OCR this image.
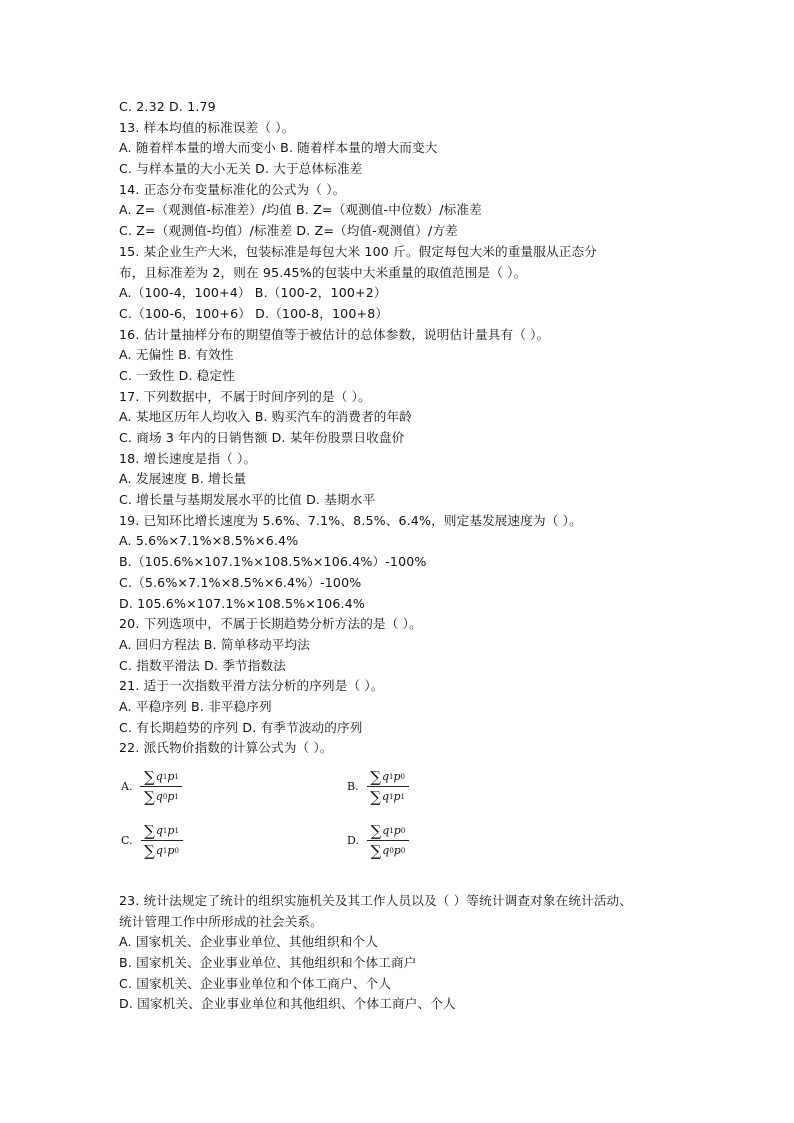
C. 2.32 D. 1.79
13. 样本均值的标准误差（ ）。
A. 随着样本量的增大而变小 B. 随着样本量的增大而变大
C. 与样本量的大小无关 D. 大于总体标准差
14. 正态分布变量标准化的公式为（ ）。
A. Z=（观测值-标准差）/均值 B. Z=（观测值-中位数）/标准差
C. Z=（观测值-均值）/标准差 D. Z=（均值-观测值）/方差
15. 某企业生产大米，包装标准是每包大米 100 斤。假定每包大米的重量服从正态分
布，且标准差为 2，则在 95.45%的包装中大米重量的取值范围是（ ）。
A.（100-4，100+4） B.（100-2，100+2）
C.（100-6，100+6） D.（100-8，100+8）
16. 估计量抽样分布的期望值等于被估计的总体参数，说明估计量具有（ ）。
A. 无偏性 B. 有效性
C. 一致性 D. 稳定性
17. 下列数据中，不属于时间序列的是（ ）。
A. 某地区历年人均收入 B. 购买汽车的消费者的年龄
C. 商场 3 年内的日销售额 D. 某年份股票日收盘价
18. 增长速度是指（ ）。
A. 发展速度 B. 增长量
C. 增长量与基期发展水平的比值 D. 基期水平
19. 已知环比增长速度为 5.6%、7.1%、8.5%、6.4%，则定基发展速度为（ ）。
A. 5.6%×7.1%×8.5%×6.4%
B.（105.6%×107.1%×108.5%×106.4%）-100%
C.（5.6%×7.1%×8.5%×6.4%）-100%
D. 105.6%×107.1%×108.5%×106.4%
20. 下列选项中，不属于长期趋势分析方法的是（ ）。
A. 回归方程法 B. 简单移动平均法
C. 指数平滑法 D. 季节指数法
21. 适于一次指数平滑方法分析的序列是（ ）。
A. 平稳序列 B. 非平稳序列
C. 有长期趋势的序列 D. 有季节波动的序列
22. 派氏物价指数的计算公式为（ ）。
A. $\frac{\sum q 1 p 1}{\sum q 0 p 1}$	B. $\frac{\sum q 1 p 0}{\sum q 1 p 1}$
C. $\frac{\sum q 1 p 1}{\sum q 1 p 0}$	D. $\frac{\sum q 1 p 0}{\sum q 0 p 0}$
23. 统计法规定了统计的组织实施机关及其工作人员以及（ ）等统计调查对象在统计活动、
统计管理工作中所形成的社会关系。
A. 国家机关、企业事业单位、其他组织和个人
B. 国家机关、企业事业单位、其他组织和个体工商户
C. 国家机关、企业事业单位和个体工商户、个人
D. 国家机关、企业事业单位和其他组织、个体工商户、个人
